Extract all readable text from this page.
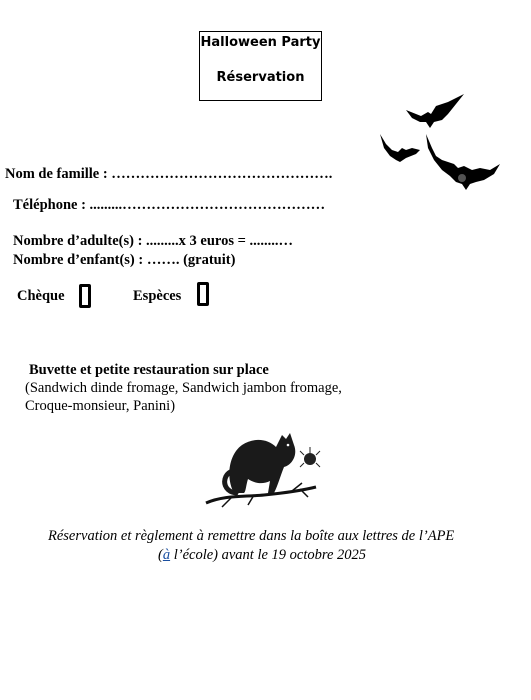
Halloween Party
Réservation
Nom de famille : ……………………………………….
Téléphone : .........……………………………………
Nombre d’adulte(s) : .........x 3 euros = ........…
Nombre d’enfant(s) : ……. (gratuit)
Chèque	Espèces
Buvette et petite restauration sur place
(Sandwich dinde fromage, Sandwich jambon fromage,
Croque-monsieur, Panini)
Réservation et règlement à remettre dans la boîte aux lettres de l’APE
(à l’école) avant le 19 octobre 2025
